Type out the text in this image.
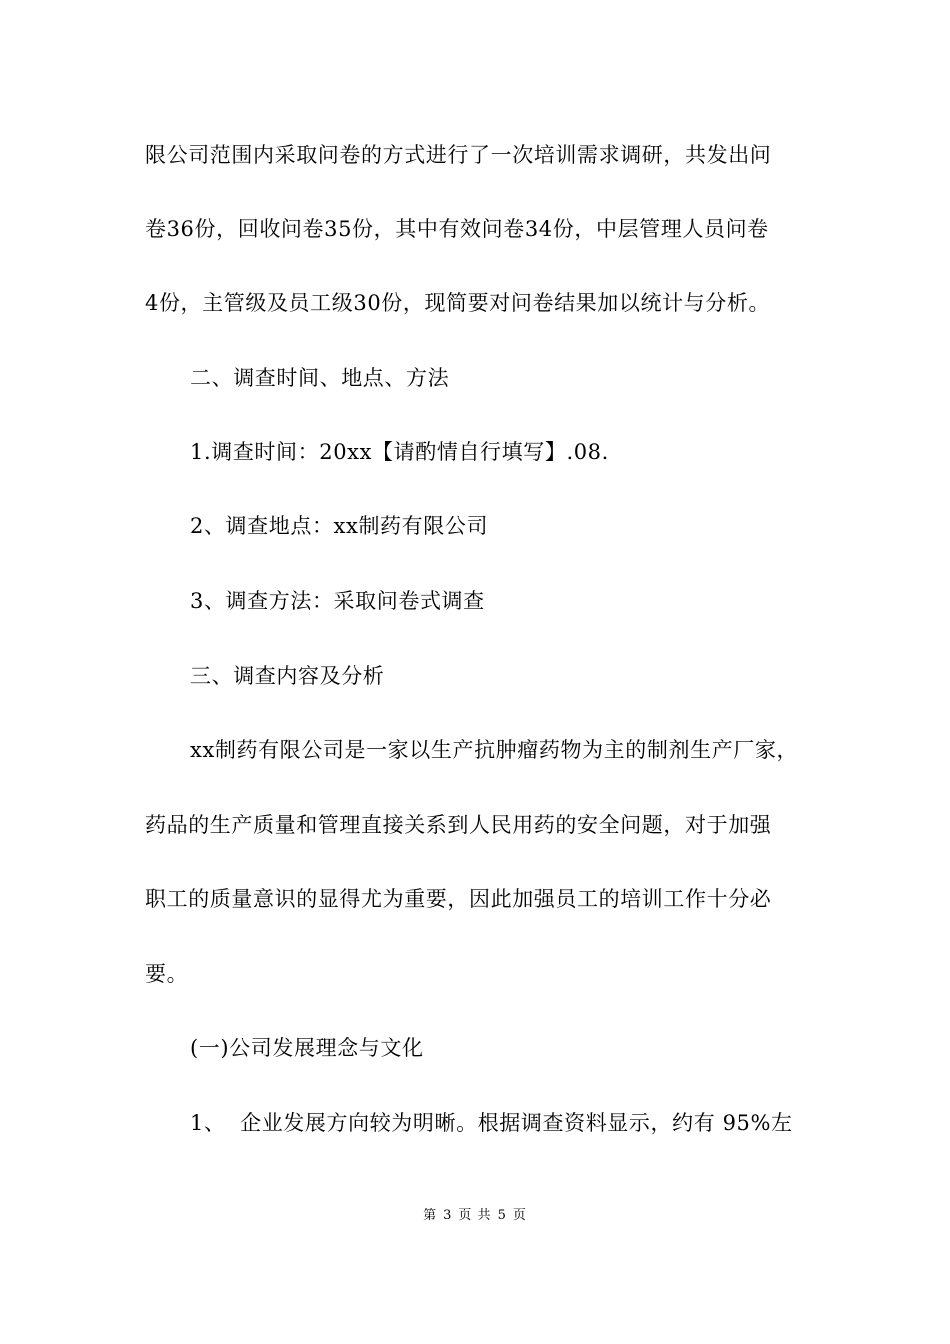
限公司范围内采取问卷的方式进行了一次培训需求调研，共发出问
卷36份，回收问卷35份，其中有效问卷34份，中层管理人员问卷
4份，主管级及员工级30份，现简要对问卷结果加以统计与分析。
二、调查时间、地点、方法
1.调查时间：20xx【请酌情自行填写】.08.
2、调查地点：xx制药有限公司
3、调查方法：采取问卷式调查
三、调查内容及分析
xx制药有限公司是一家以生产抗肿瘤药物为主的制剂生产厂家，
药品的生产质量和管理直接关系到人民用药的安全问题，对于加强
职工的质量意识的显得尤为重要，因此加强员工的培训工作十分必
要。
(一)公司发展理念与文化
1、  企业发展方向较为明晰。根据调查资料显示，约有 95%左
第 3 页 共 5 页
